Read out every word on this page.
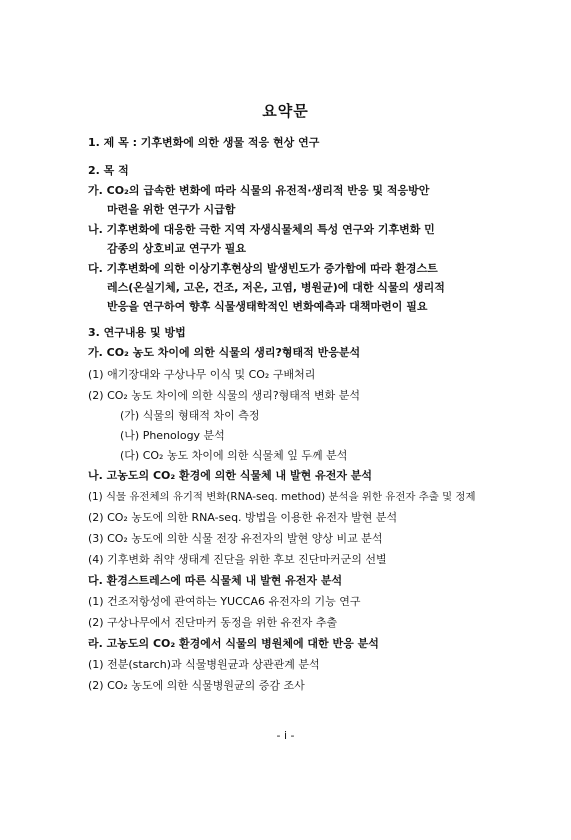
요약문
1. 제 목 : 기후변화에 의한 생물 적응 현상 연구
2. 목 적
가. CO₂의 급속한 변화에 따라 식물의 유전적·생리적 반응 및 적응방안
마련을 위한 연구가 시급함
나. 기후변화에 대응한 극한 지역 자생식물체의 특성 연구와 기후변화 민
감종의 상호비교 연구가 필요
다. 기후변화에 의한 이상기후현상의 발생빈도가 증가함에 따라 환경스트
레스(온실기체, 고온, 건조, 저온, 고염, 병원균)에 대한 식물의 생리적
반응을 연구하여 향후 식물생태학적인 변화예측과 대책마련이 필요
3. 연구내용 및 방법
가. CO₂ 농도 차이에 의한 식물의 생리?형태적 반응분석
(1) 애기장대와 구상나무 이식 및 CO₂ 구배처리
(2) CO₂ 농도 차이에 의한 식물의 생리?형태적 변화 분석
(가) 식물의 형태적 차이 측정
(나) Phenology 분석
(다) CO₂ 농도 차이에 의한 식물체 잎 두께 분석
나. 고농도의 CO₂ 환경에 의한 식물체 내 발현 유전자 분석
(1) 식물 유전체의 유기적 변화(RNA-seq. method) 분석을 위한 유전자 추출 및 정제
(2) CO₂ 농도에 의한 RNA-seq. 방법을 이용한 유전자 발현 분석
(3) CO₂ 농도에 의한 식물 전장 유전자의 발현 양상 비교 분석
(4) 기후변화 취약 생태계 진단을 위한 후보 진단마커군의 선별
다. 환경스트레스에 따른 식물체 내 발현 유전자 분석
(1) 건조저항성에 관여하는 YUCCA6 유전자의 기능 연구
(2) 구상나무에서 진단마커 동정을 위한 유전자 추출
라. 고농도의 CO₂ 환경에서 식물의 병원체에 대한 반응 분석
(1) 전분(starch)과 식물병원균과 상관관계 분석
(2) CO₂ 농도에 의한 식물병원균의 증감 조사
- i -
